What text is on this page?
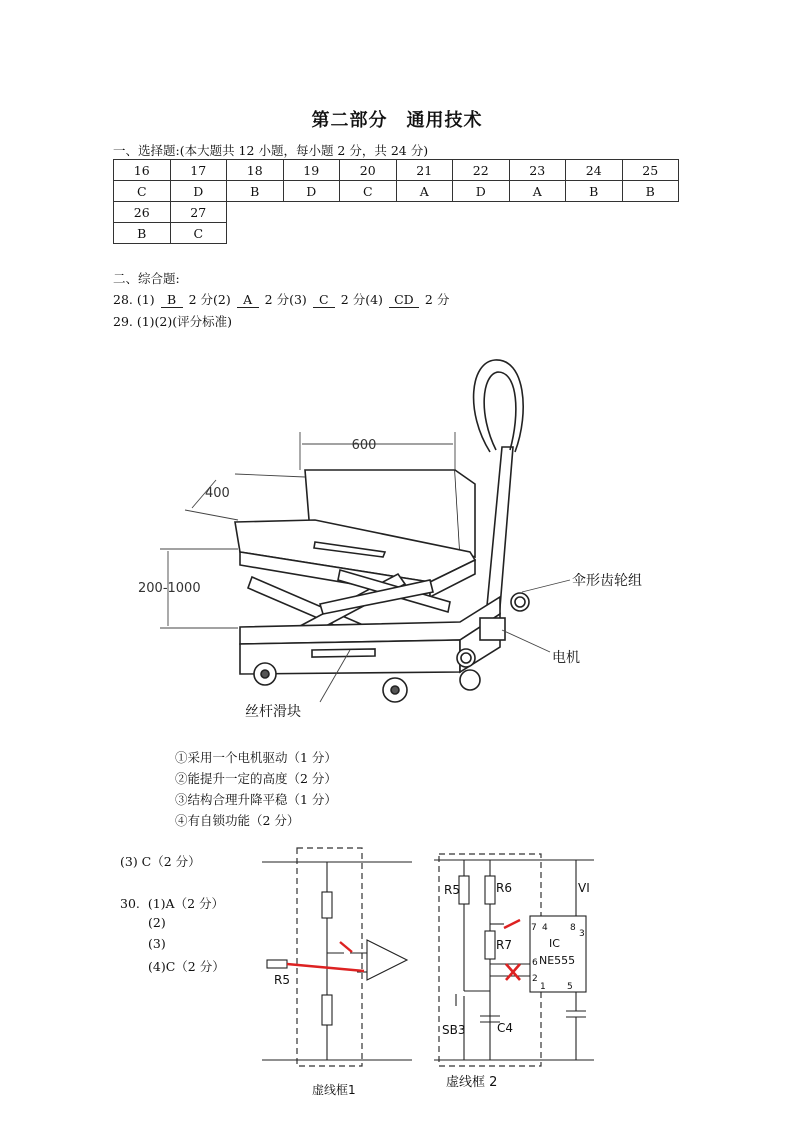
第二部分　通用技术
一、选择题:(本大题共 12 小题，每小题 2 分，共 24 分)
16	17	18	19	20	21	22	23	24	25
C	D	B	D	C	A	D	A	B	B
26	27								
B	C								
二、综合题:
28. (1) B 2 分(2) A 2 分(3) C 2 分(4) CD 2 分
29. (1)(2)(评分标准)
600
400
200-1000	伞形齿轮组
电机
丝杆滑块
①采用一个电机驱动（1 分）
②能提升一定的高度（2 分）
③结构合理升降平稳（1 分）
④有自锁功能（2 分）
(3) C（2 分）
30. (1)A（2 分）
(2)
(3)
(4)C（2 分）
R5
虚线框1
R5	R6
R7
VI
IC
NE555
7 4 8
3
6
2
1 5
SB3	C4
虚线框 2
